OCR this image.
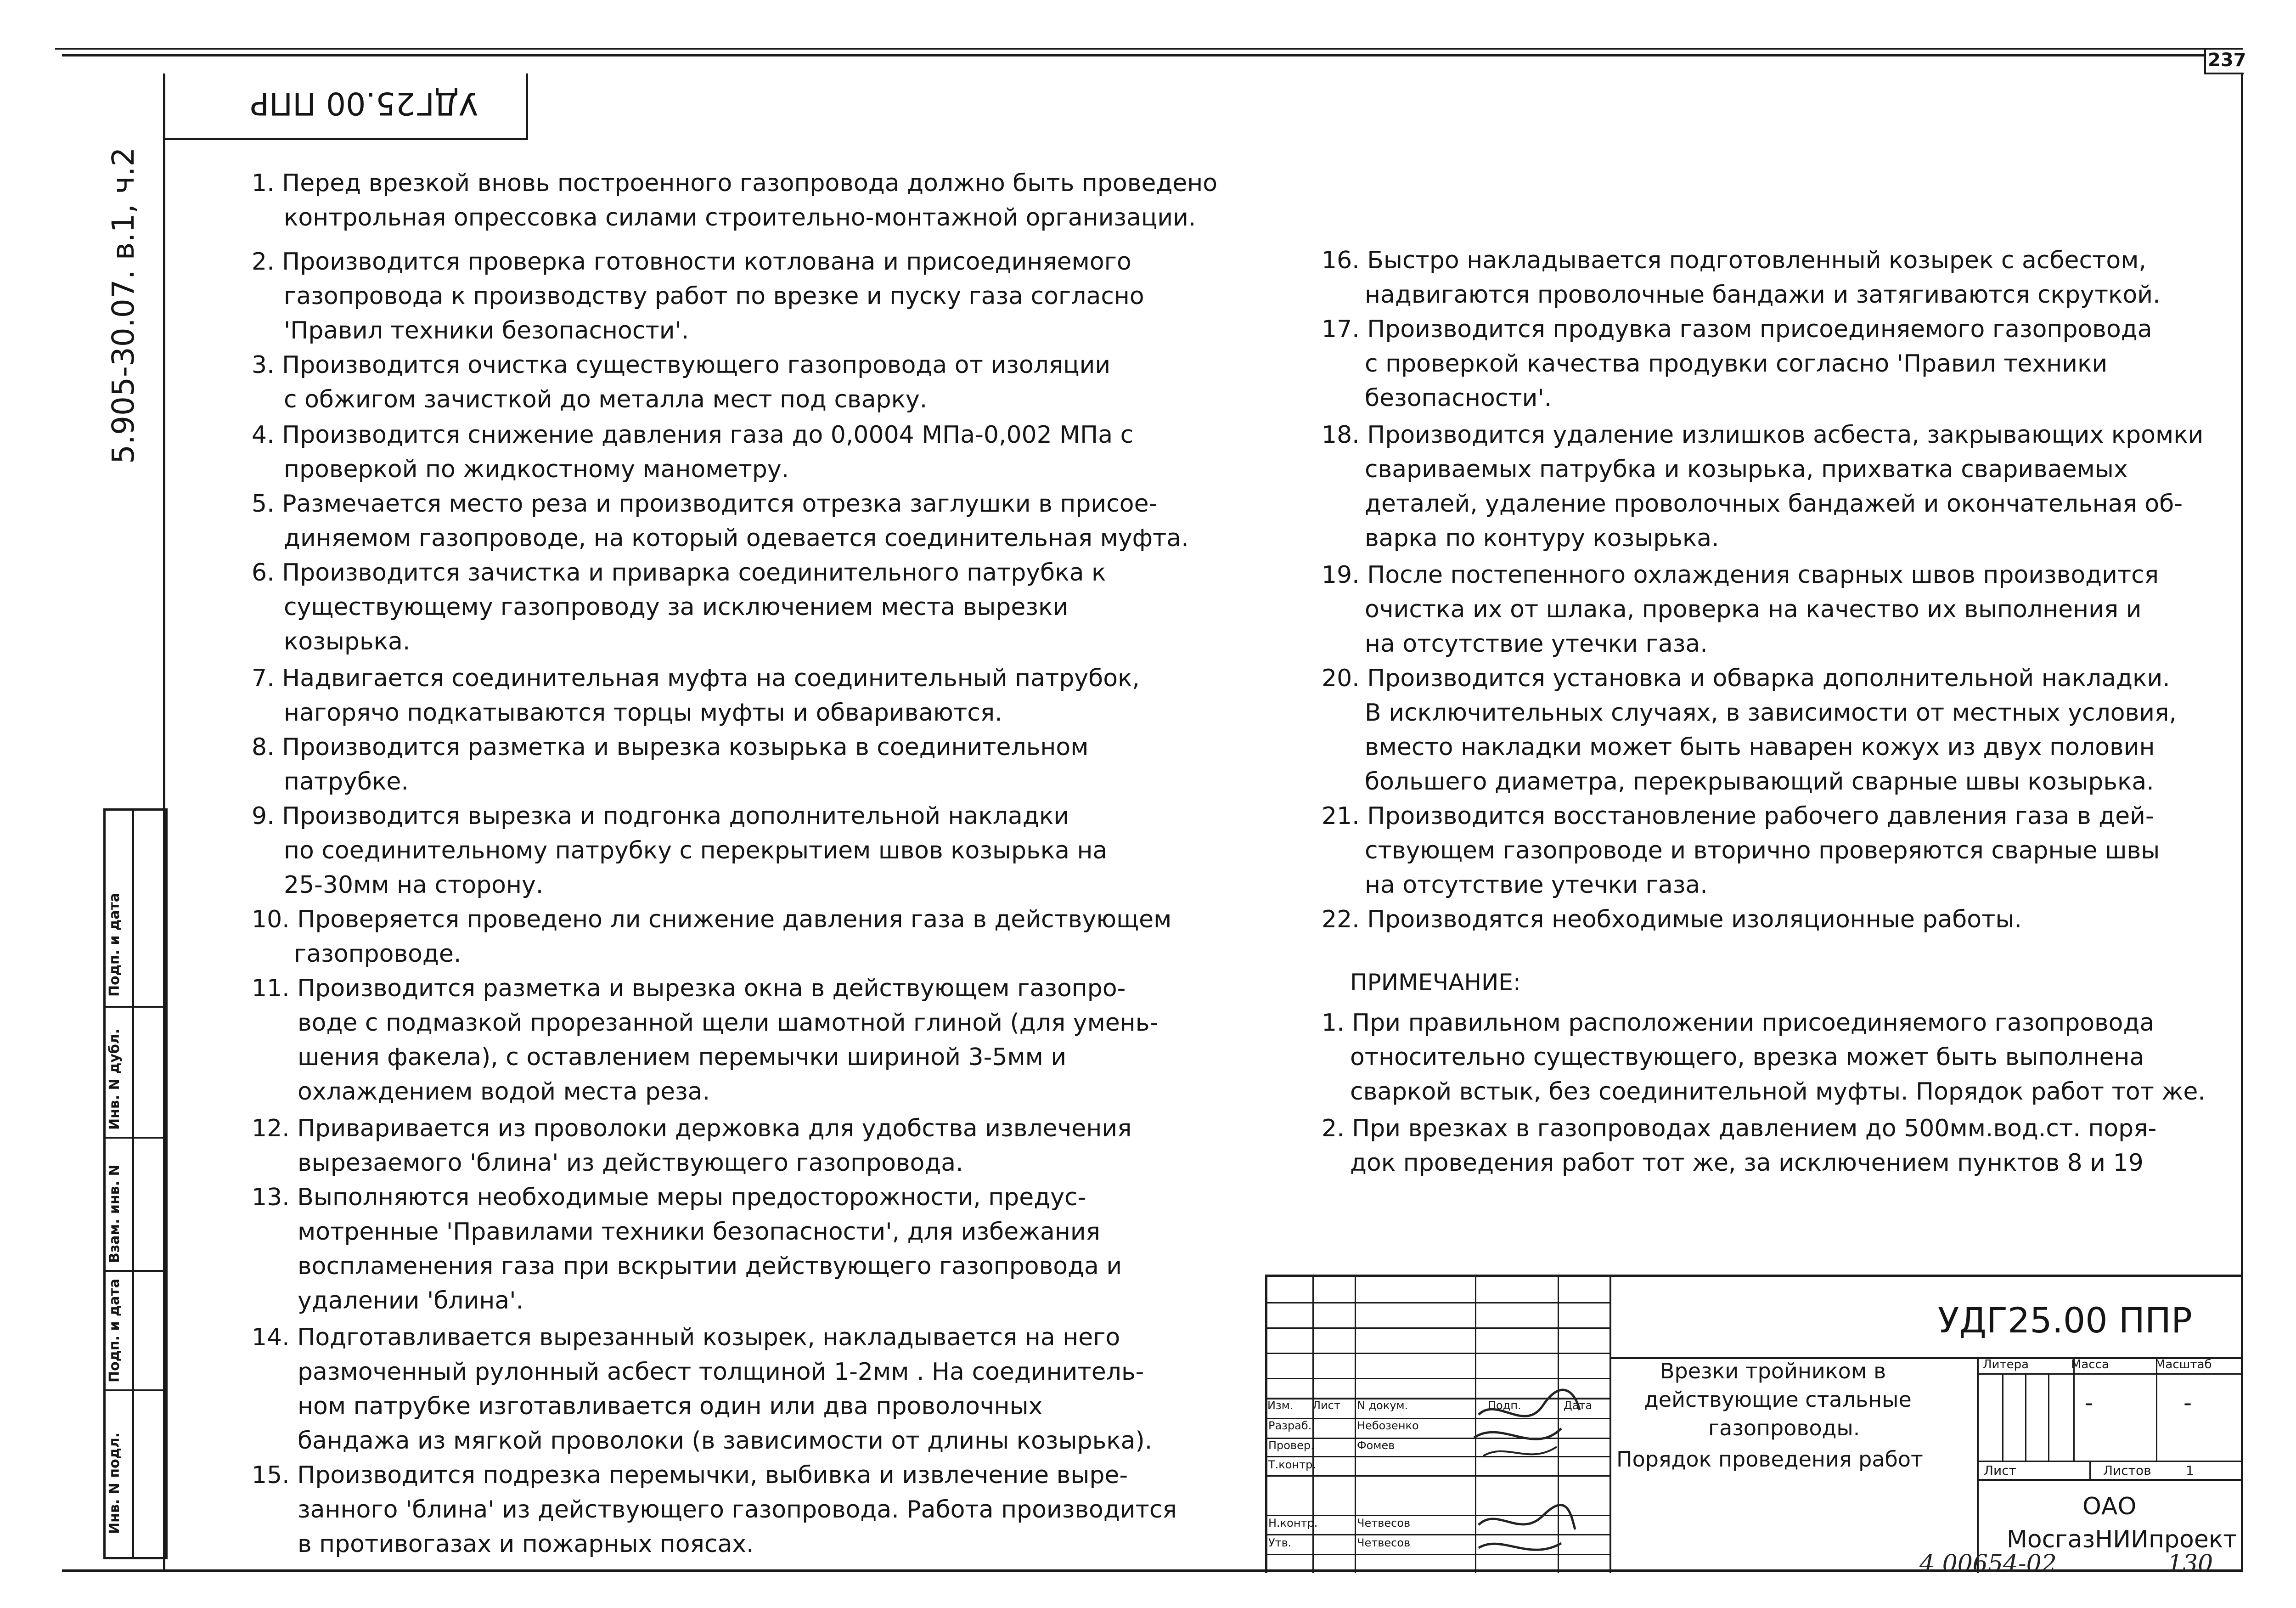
237
УДГ25.00 ППР
5.905-30.07. в.1, ч.2
Подп. и дата
Инв. N дубл.
Взам. инв. N
Подп. и дата
Инв. N подл.
1. Перед врезкой вновь построенного газопровода должно быть проведено
контрольная опрессовка силами строительно-монтажной организации.
2. Производится проверка готовности котлована и присоединяемого
газопровода к производству работ по врезке и пуску газа согласно
'Правил техники безопасности'.
3. Производится очистка существующего газопровода от изоляции
с обжигом зачисткой до металла мест под сварку.
4. Производится снижение давления газа до 0,0004 МПа-0,002 МПа с
проверкой по жидкостному манометру.
5. Размечается место реза и производится отрезка заглушки в присое-
диняемом газопроводе, на который одевается соединительная муфта.
6. Производится зачистка и приварка соединительного патрубка к
существующему газопроводу за исключением места вырезки
козырька.
7. Надвигается соединительная муфта на соединительный патрубок,
нагорячо подкатываются торцы муфты и обвариваются.
8. Производится разметка и вырезка козырька в соединительном
патрубке.
9. Производится вырезка и подгонка дополнительной накладки
по соединительному патрубку с перекрытием швов козырька на
25-30мм на сторону.
10. Проверяется проведено ли снижение давления газа в действующем
газопроводе.
11. Производится разметка и вырезка окна в действующем газопро-
воде с подмазкой прорезанной щели шамотной глиной (для умень-
шения факела), с оставлением перемычки шириной 3-5мм и
охлаждением водой места реза.
12. Приваривается из проволоки держовка для удобства извлечения
вырезаемого 'блина' из действующего газопровода.
13. Выполняются необходимые меры предосторожности, предус-
мотренные 'Правилами техники безопасности', для избежания
воспламенения газа при вскрытии действующего газопровода и
удалении 'блина'.
14. Подготавливается вырезанный козырек, накладывается на него
размоченный рулонный асбест толщиной 1-2мм . На соединитель-
ном патрубке изготавливается один или два проволочных
бандажа из мягкой проволоки (в зависимости от длины козырька).
15. Производится подрезка перемычки, выбивка и извлечение выре-
занного 'блина' из действующего газопровода. Работа производится
в противогазах и пожарных поясах.
16. Быстро накладывается подготовленный козырек с асбестом,
надвигаются проволочные бандажи и затягиваются скруткой.
17. Производится продувка газом присоединяемого газопровода
с проверкой качества продувки согласно 'Правил техники
безопасности'.
18. Производится удаление излишков асбеста, закрывающих кромки
свариваемых патрубка и козырька, прихватка свариваемых
деталей, удаление проволочных бандажей и окончательная об-
варка по контуру козырька.
19. После постепенного охлаждения сварных швов производится
очистка их от шлака, проверка на качество их выполнения и
на отсутствие утечки газа.
20. Производится установка и обварка дополнительной накладки.
В исключительных случаях, в зависимости от местных условия,
вместо накладки может быть наварен кожух из двух половин
большего диаметра, перекрывающий сварные швы козырька.
21. Производится восстановление рабочего давления газа в дей-
ствующем газопроводе и вторично проверяются сварные швы
на отсутствие утечки газа.
22. Производятся необходимые изоляционные работы.
ПРИМЕЧАНИЕ:
1. При правильном расположении присоединяемого газопровода
относительно существующего, врезка может быть выполнена
сваркой встык, без соединительной муфты. Порядок работ тот же.
2. При врезках в газопроводах давлением до 500мм.вод.ст. поря-
док проведения работ тот же, за исключением пунктов 8 и 19
УДГ25.00 ППР
Врезки тройником в
действующие стальные
газопроводы.
Порядок проведения работ
Изм. Лист N докум.	Подп.	Дата
Разраб.	Небозенко
Провер.	Фомев
Т.контр.
Н.контр.	Четвесов
Утв.	Четвесов
Литера	Масса	Масштаб
-	-
Лист	Листов	1
ОАО
МосгазНИИпроект
4 00654-02	130
